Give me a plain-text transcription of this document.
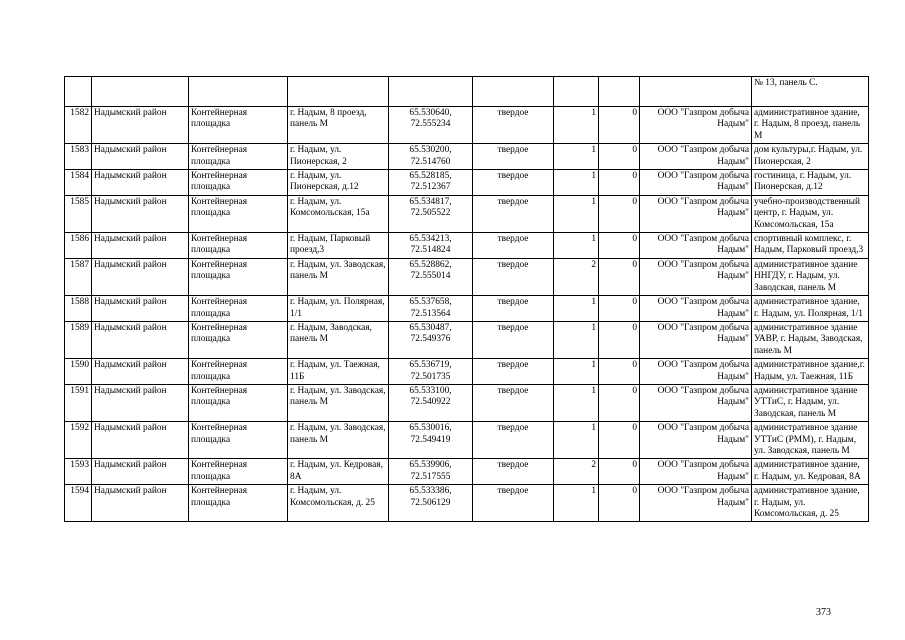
									№ 13, панель С.
1582	Надымский район	Контейнерная площадка	г. Надым, 8 проезд, панель М	65.530640, 72.555234	твердое	1	0	ООО "Газпром добыча Надым"	административное здание, г. Надым, 8 проезд, панель М
1583	Надымский район	Контейнерная площадка	г. Надым, ул. Пионерская, 2	65.530200, 72.514760	твердое	1	0	ООО "Газпром добыча Надым"	дом культуры,г. Надым, ул. Пионерская, 2
1584	Надымский район	Контейнерная площадка	г. Надым, ул. Пионерская, д.12	65.528185, 72.512367	твердое	1	0	ООО "Газпром добыча Надым"	гостиница, г. Надым, ул. Пионерская, д.12
1585	Надымский район	Контейнерная площадка	г. Надым, ул. Комсомольская, 15а	65.534817, 72.505522	твердое	1	0	ООО "Газпром добыча Надым"	учебно-производственный центр, г. Надым, ул. Комсомольская, 15а
1586	Надымский район	Контейнерная площадка	г. Надым, Парковый проезд,3	65.534213, 72.514824	твердое	1	0	ООО "Газпром добыча Надым"	спортивный комплекс, г. Надым, Парковый проезд,3
1587	Надымский район	Контейнерная площадка	г. Надым, ул. Заводская, панель М	65.528862, 72.555014	твердое	2	0	ООО "Газпром добыча Надым"	административное здание ННГДУ, г. Надым, ул. Заводская, панель М
1588	Надымский район	Контейнерная площадка	г. Надым, ул. Полярная, 1/1	65.537658, 72.513564	твердое	1	0	ООО "Газпром добыча Надым"	административное здание, г. Надым, ул. Полярная, 1/1
1589	Надымский район	Контейнерная площадка	г. Надым, Заводская, панель М	65.530487, 72.549376	твердое	1	0	ООО "Газпром добыча Надым"	административное здание УАВР, г. Надым, Заводская, панель М
1590	Надымский район	Контейнерная площадка	г. Надым, ул. Таежная, 11Б	65.536719, 72.501735	твердое	1	0	ООО "Газпром добыча Надым"	административное здание,г. Надым, ул. Таежная, 11Б
1591	Надымский район	Контейнерная площадка	г. Надым, ул. Заводская, панель М	65.533100, 72.540922	твердое	1	0	ООО "Газпром добыча Надым"	административное здание УТТиС, г. Надым, ул. Заводская, панель М
1592	Надымский район	Контейнерная площадка	г. Надым, ул. Заводская, панель М	65.530016, 72.549419	твердое	1	0	ООО "Газпром добыча Надым"	административное здание УТТиС (РММ), г. Надым, ул. Заводская, панель М
1593	Надымский район	Контейнерная площадка	г. Надым, ул. Кедровая, 8А	65.539906, 72.517555	твердое	2	0	ООО "Газпром добыча Надым"	административное здание, г. Надым, ул. Кедровая, 8А
1594	Надымский район	Контейнерная площадка	г. Надым, ул. Комсомольская, д. 25	65.533386, 72.506129	твердое	1	0	ООО "Газпром добыча Надым"	административное здание, г. Надым, ул. Комсомольская, д. 25
373
